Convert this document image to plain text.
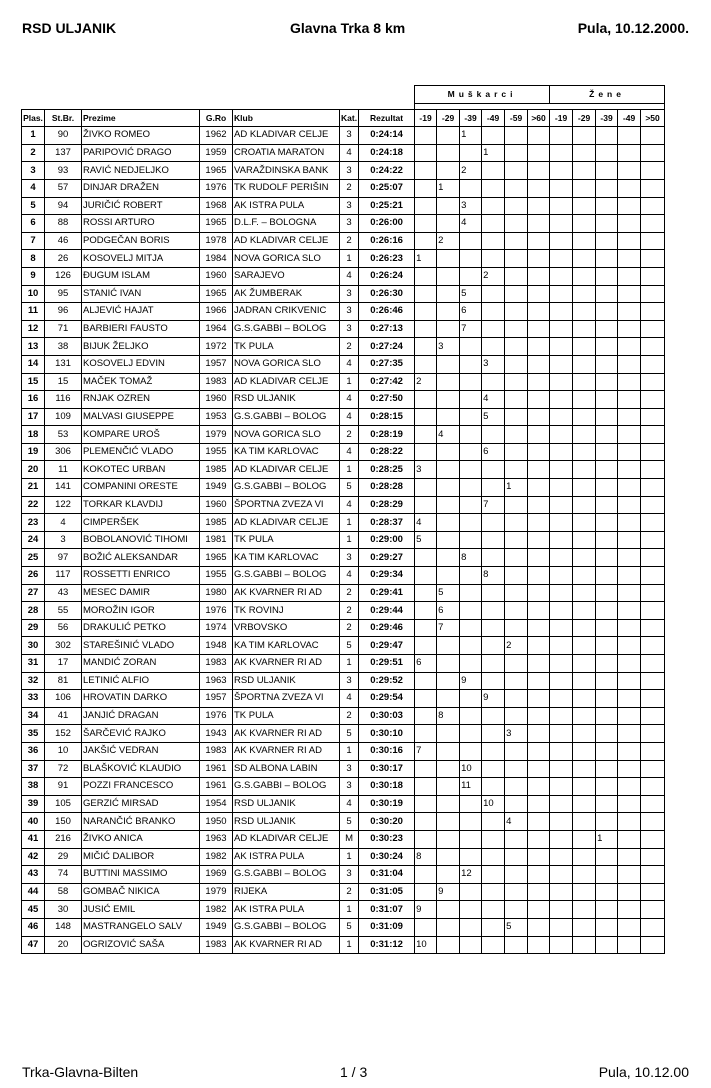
RSD ULJANIK	Glavna Trka 8 km	Pula, 10.12.2000.
							Muškarci						Žene				

Plas.	St.Br.	Prezime	G.Ro	Klub	Kat.	Rezultat	-19	-29	-39	-49	-59	>60	-19	-29	-39	-49	>50
1	90	ŽIVKO ROMEO	1962	AD KLADIVAR CELJE	3	0:24:14			1								
2	137	PARIPOVIĆ DRAGO	1959	CROATIA MARATON	4	0:24:18				1							
3	93	RAVIĆ NEDJELJKO	1965	VARAŽDINSKA BANK	3	0:24:22			2								
4	57	DINJAR DRAŽEN	1976	TK RUDOLF PERIŠIN	2	0:25:07		1									
5	94	JURIČIĆ ROBERT	1968	AK ISTRA PULA	3	0:25:21			3								
6	88	ROSSI ARTURO	1965	D.L.F. – BOLOGNA	3	0:26:00			4								
7	46	PODGEČAN BORIS	1978	AD KLADIVAR CELJE	2	0:26:16		2									
8	26	KOSOVELJ MITJA	1984	NOVA GORICA SLO	1	0:26:23	1										
9	126	ĐUGUM ISLAM	1960	SARAJEVO	4	0:26:24				2							
10	95	STANIĆ IVAN	1965	AK ŽUMBERAK	3	0:26:30			5								
11	96	ALJEVIĆ HAJAT	1966	JADRAN CRIKVENIC	3	0:26:46			6								
12	71	BARBIERI FAUSTO	1964	G.S.GABBI – BOLOG	3	0:27:13			7								
13	38	BIJUK ŽELJKO	1972	TK PULA	2	0:27:24		3									
14	131	KOSOVELJ EDVIN	1957	NOVA GORICA SLO	4	0:27:35				3							
15	15	MAČEK TOMAŽ	1983	AD KLADIVAR CELJE	1	0:27:42	2										
16	116	RNJAK OZREN	1960	RSD ULJANIK	4	0:27:50				4							
17	109	MALVASI GIUSEPPE	1953	G.S.GABBI – BOLOG	4	0:28:15				5							
18	53	KOMPARE UROŠ	1979	NOVA GORICA SLO	2	0:28:19		4									
19	306	PLEMENČIĆ VLADO	1955	KA TIM KARLOVAC	4	0:28:22				6							
20	11	KOKOTEC URBAN	1985	AD KLADIVAR CELJE	1	0:28:25	3										
21	141	COMPANINI ORESTE	1949	G.S.GABBI – BOLOG	5	0:28:28					1						
22	122	TORKAR KLAVDIJ	1960	ŠPORTNA ZVEZA VI	4	0:28:29				7							
23	4	CIMPERŠEK	1985	AD KLADIVAR CELJE	1	0:28:37	4										
24	3	BOBOLANOVIĆ TIHOMI	1981	TK PULA	1	0:29:00	5										
25	97	BOŽIĆ ALEKSANDAR	1965	KA TIM KARLOVAC	3	0:29:27			8								
26	117	ROSSETTI ENRICO	1955	G.S.GABBI – BOLOG	4	0:29:34				8							
27	43	MESEC DAMIR	1980	AK KVARNER RI AD	2	0:29:41		5									
28	55	MOROŽIN IGOR	1976	TK ROVINJ	2	0:29:44		6									
29	56	DRAKULIĆ PETKO	1974	VRBOVSKO	2	0:29:46		7									
30	302	STAREŠINIĆ VLADO	1948	KA TIM KARLOVAC	5	0:29:47					2						
31	17	MANDIĆ ZORAN	1983	AK KVARNER RI AD	1	0:29:51	6										
32	81	LETINIĆ ALFIO	1963	RSD ULJANIK	3	0:29:52			9								
33	106	HROVATIN DARKO	1957	ŠPORTNA ZVEZA VI	4	0:29:54				9							
34	41	JANJIĆ DRAGAN	1976	TK PULA	2	0:30:03		8									
35	152	ŠARČEVIĆ RAJKO	1943	AK KVARNER RI AD	5	0:30:10					3						
36	10	JAKŠIĆ VEDRAN	1983	AK KVARNER RI AD	1	0:30:16	7										
37	72	BLAŠKOVIĆ KLAUDIO	1961	SD ALBONA LABIN	3	0:30:17			10								
38	91	POZZI FRANCESCO	1961	G.S.GABBI – BOLOG	3	0:30:18			11								
39	105	GERZIĆ MIRSAD	1954	RSD ULJANIK	4	0:30:19				10							
40	150	NARANČIĆ BRANKO	1950	RSD ULJANIK	5	0:30:20					4						
41	216	ŽIVKO ANICA	1963	AD KLADIVAR CELJE	M	0:30:23									1		
42	29	MIČIĆ DALIBOR	1982	AK ISTRA PULA	1	0:30:24	8										
43	74	BUTTINI MASSIMO	1969	G.S.GABBI – BOLOG	3	0:31:04			12								
44	58	GOMBAČ NIKICA	1979	RIJEKA	2	0:31:05		9									
45	30	JUSIĆ EMIL	1982	AK ISTRA PULA	1	0:31:07	9										
46	148	MASTRANGELO SALV	1949	G.S.GABBI – BOLOG	5	0:31:09					5						
47	20	OGRIZOVIĆ SAŠA	1983	AK KVARNER RI AD	1	0:31:12	10										
Trka-Glavna-Bilten	1 / 3	Pula, 10.12.00
